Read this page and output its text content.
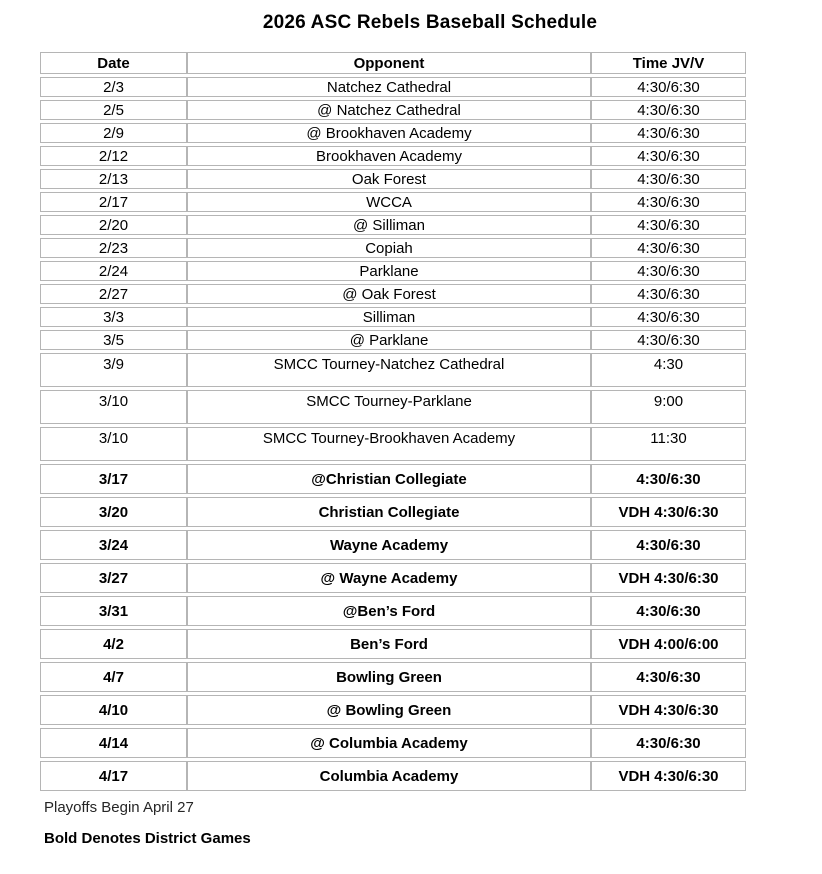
2026 ASC Rebels Baseball Schedule
Date	Opponent	Time JV/V
2/3	Natchez Cathedral	4:30/6:30
2/5	@ Natchez Cathedral	4:30/6:30
2/9	@ Brookhaven Academy	4:30/6:30
2/12	Brookhaven Academy	4:30/6:30
2/13	Oak Forest	4:30/6:30
2/17	WCCA	4:30/6:30
2/20	@ Silliman	4:30/6:30
2/23	Copiah	4:30/6:30
2/24	Parklane	4:30/6:30
2/27	@ Oak Forest	4:30/6:30
3/3	Silliman	4:30/6:30
3/5	@ Parklane	4:30/6:30
3/9	SMCC Tourney-Natchez Cathedral	4:30
3/10	SMCC Tourney-Parklane	9:00
3/10	SMCC Tourney-Brookhaven Academy	11:30
3/17	@Christian Collegiate	4:30/6:30
3/20	Christian Collegiate	VDH 4:30/6:30
3/24	Wayne Academy	4:30/6:30
3/27	@ Wayne Academy	VDH 4:30/6:30
3/31	@Ben’s Ford	4:30/6:30
4/2	Ben’s Ford	VDH 4:00/6:00
4/7	Bowling Green	4:30/6:30
4/10	@ Bowling Green	VDH 4:30/6:30
4/14	@ Columbia Academy	4:30/6:30
4/17	Columbia Academy	VDH 4:30/6:30

Playoffs Begin April 27

Bold Denotes District Games
